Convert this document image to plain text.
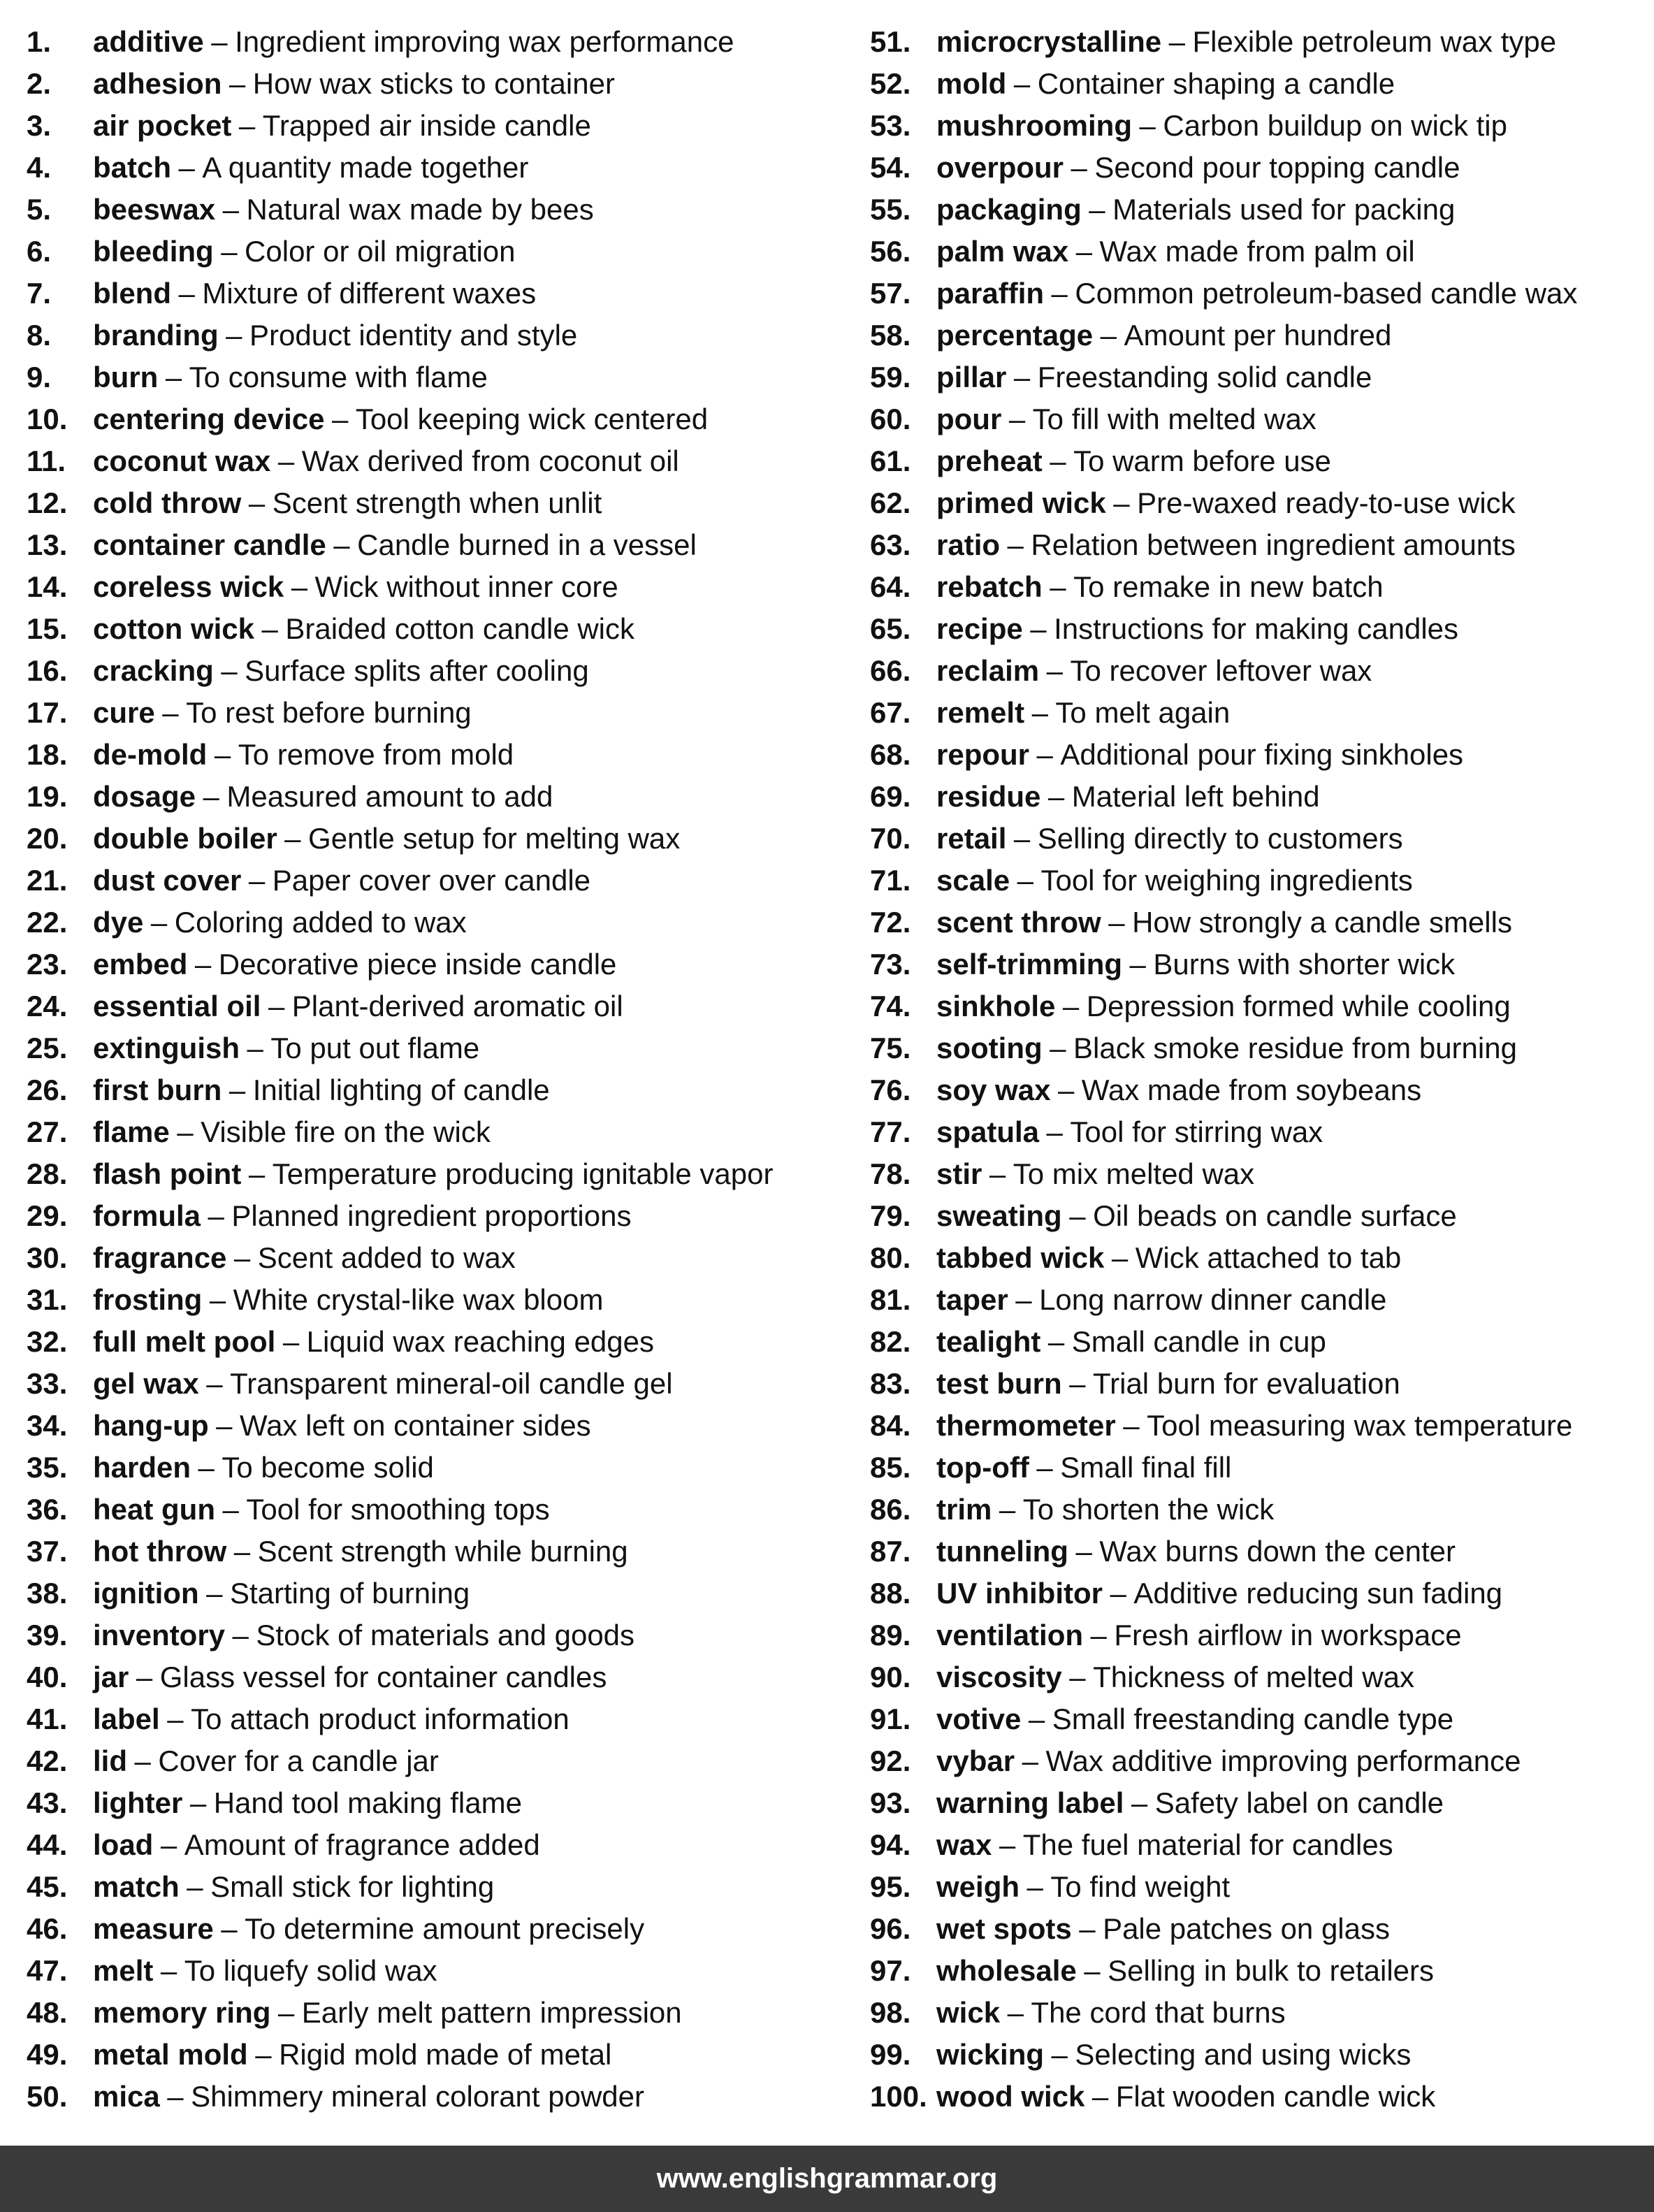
1. additive – Ingredient improving wax performance
2. adhesion – How wax sticks to container
3. air pocket – Trapped air inside candle
4. batch – A quantity made together
5. beeswax – Natural wax made by bees
6. bleeding – Color or oil migration
7. blend – Mixture of different waxes
8. branding – Product identity and style
9. burn – To consume with flame
10. centering device – Tool keeping wick centered
11. coconut wax – Wax derived from coconut oil
12. cold throw – Scent strength when unlit
13. container candle – Candle burned in a vessel
14. coreless wick – Wick without inner core
15. cotton wick – Braided cotton candle wick
16. cracking – Surface splits after cooling
17. cure – To rest before burning
18. de-mold – To remove from mold
19. dosage – Measured amount to add
20. double boiler – Gentle setup for melting wax
21. dust cover – Paper cover over candle
22. dye – Coloring added to wax
23. embed – Decorative piece inside candle
24. essential oil – Plant-derived aromatic oil
25. extinguish – To put out flame
26. first burn – Initial lighting of candle
27. flame – Visible fire on the wick
28. flash point – Temperature producing ignitable vapor
29. formula – Planned ingredient proportions
30. fragrance – Scent added to wax
31. frosting – White crystal-like wax bloom
32. full melt pool – Liquid wax reaching edges
33. gel wax – Transparent mineral-oil candle gel
34. hang-up – Wax left on container sides
35. harden – To become solid
36. heat gun – Tool for smoothing tops
37. hot throw – Scent strength while burning
38. ignition – Starting of burning
39. inventory – Stock of materials and goods
40. jar – Glass vessel for container candles
41. label – To attach product information
42. lid – Cover for a candle jar
43. lighter – Hand tool making flame
44. load – Amount of fragrance added
45. match – Small stick for lighting
46. measure – To determine amount precisely
47. melt – To liquefy solid wax
48. memory ring – Early melt pattern impression
49. metal mold – Rigid mold made of metal
50. mica – Shimmery mineral colorant powder
51. microcrystalline – Flexible petroleum wax type
52. mold – Container shaping a candle
53. mushrooming – Carbon buildup on wick tip
54. overpour – Second pour topping candle
55. packaging – Materials used for packing
56. palm wax – Wax made from palm oil
57. paraffin – Common petroleum-based candle wax
58. percentage – Amount per hundred
59. pillar – Freestanding solid candle
60. pour – To fill with melted wax
61. preheat – To warm before use
62. primed wick – Pre-waxed ready-to-use wick
63. ratio – Relation between ingredient amounts
64. rebatch – To remake in new batch
65. recipe – Instructions for making candles
66. reclaim – To recover leftover wax
67. remelt – To melt again
68. repour – Additional pour fixing sinkholes
69. residue – Material left behind
70. retail – Selling directly to customers
71. scale – Tool for weighing ingredients
72. scent throw – How strongly a candle smells
73. self-trimming – Burns with shorter wick
74. sinkhole – Depression formed while cooling
75. sooting – Black smoke residue from burning
76. soy wax – Wax made from soybeans
77. spatula – Tool for stirring wax
78. stir – To mix melted wax
79. sweating – Oil beads on candle surface
80. tabbed wick – Wick attached to tab
81. taper – Long narrow dinner candle
82. tealight – Small candle in cup
83. test burn – Trial burn for evaluation
84. thermometer – Tool measuring wax temperature
85. top-off – Small final fill
86. trim – To shorten the wick
87. tunneling – Wax burns down the center
88. UV inhibitor – Additive reducing sun fading
89. ventilation – Fresh airflow in workspace
90. viscosity – Thickness of melted wax
91. votive – Small freestanding candle type
92. vybar – Wax additive improving performance
93. warning label – Safety label on candle
94. wax – The fuel material for candles
95. weigh – To find weight
96. wet spots – Pale patches on glass
97. wholesale – Selling in bulk to retailers
98. wick – The cord that burns
99. wicking – Selecting and using wicks
100. wood wick – Flat wooden candle wick
www.englishgrammar.org
